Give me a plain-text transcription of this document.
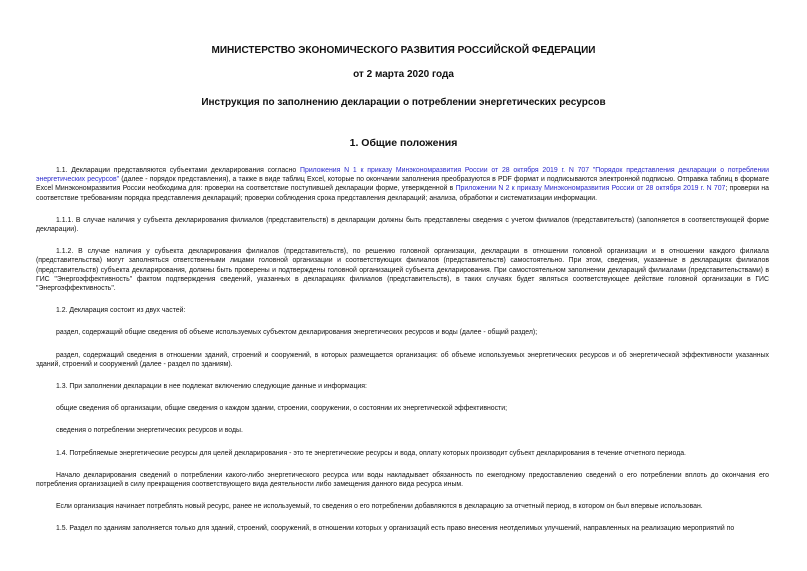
МИНИСТЕРСТВО ЭКОНОМИЧЕСКОГО РАЗВИТИЯ РОССИЙСКОЙ ФЕДЕРАЦИИ

от 2 марта 2020 года

Инструкция по заполнению декларации о потреблении энергетических ресурсов

1. Общие положения

1.1. Декларации представляются субъектами декларирования согласно Приложения N 1 к приказу Минэкономразвития России от 28 октября 2019 г. N 707 "Порядок представления декларации о потреблении энергетических ресурсов" (далее - порядок представления), а также в виде таблиц Excel, которые по окончании заполнения преобразуются в PDF формат и подписываются электронной подписью. Отправка таблиц в формате Excel Минэкономразвития России необходима для: проверки на соответствие поступившей декларации форме, утвержденной в Приложении N 2 к приказу Минэкономразвития России от 28 октября 2019 г. N 707; проверки на соответствие требованиям порядка представления деклараций; проверки соблюдения срока представления деклараций; анализа, обработки и систематизации информации.

1.1.1. В случае наличия у субъекта декларирования филиалов (представительств) в декларации должны быть представлены сведения с учетом филиалов (представительств) (заполняется в соответствующей форме декларации).

1.1.2. В случае наличия у субъекта декларирования филиалов (представительств), по решению головной организации, декларации в отношении головной организации и в отношении каждого филиала (представительства) могут заполняться ответственными лицами головной организации и соответствующих филиалов (представительств) самостоятельно. При этом, сведения, указанные в декларациях филиалов (представительств) субъекта декларирования, должны быть проверены и подтверждены головной организацией субъекта декларирования. При самостоятельном заполнении деклараций филиалами (представительствами) в ГИС "Энергоэффективность" фактом подтверждения сведений, указанных в декларациях филиалов (представительств), в таких случаях будет являться соответствующее действие головной организации в ГИС "Энергоэффективность".

1.2. Декларация состоит из двух частей:

раздел, содержащий общие сведения об объеме используемых субъектом декларирования энергетических ресурсов и воды (далее - общий раздел);

раздел, содержащий сведения в отношении зданий, строений и сооружений, в которых размещается организация: об объеме используемых энергетических ресурсов и об энергетической эффективности указанных зданий, строений и сооружений (далее - раздел по зданиям).

1.3. При заполнении декларации в нее подлежат включению следующие данные и информация:

общие сведения об организации, общие сведения о каждом здании, строении, сооружении, о состоянии их энергетической эффективности;

сведения о потреблении энергетических ресурсов и воды.

1.4. Потребляемые энергетические ресурсы для целей декларирования - это те энергетические ресурсы и вода, оплату которых производит субъект декларирования в течение отчетного периода.

Начало декларирования сведений о потреблении какого-либо энергетического ресурса или воды накладывает обязанность по ежегодному предоставлению сведений о его потреблении вплоть до окончания его потребления организацией в силу прекращения соответствующего вида деятельности либо замещения данного вида ресурса иным.

Если организация начинает потреблять новый ресурс, ранее не используемый, то сведения о его потреблении добавляются в декларацию за отчетный период, в котором он был впервые использован.

1.5. Раздел по зданиям заполняется только для зданий, строений, сооружений, в отношении которых у организаций есть право внесения неотделимых улучшений, направленных на реализацию мероприятий по
